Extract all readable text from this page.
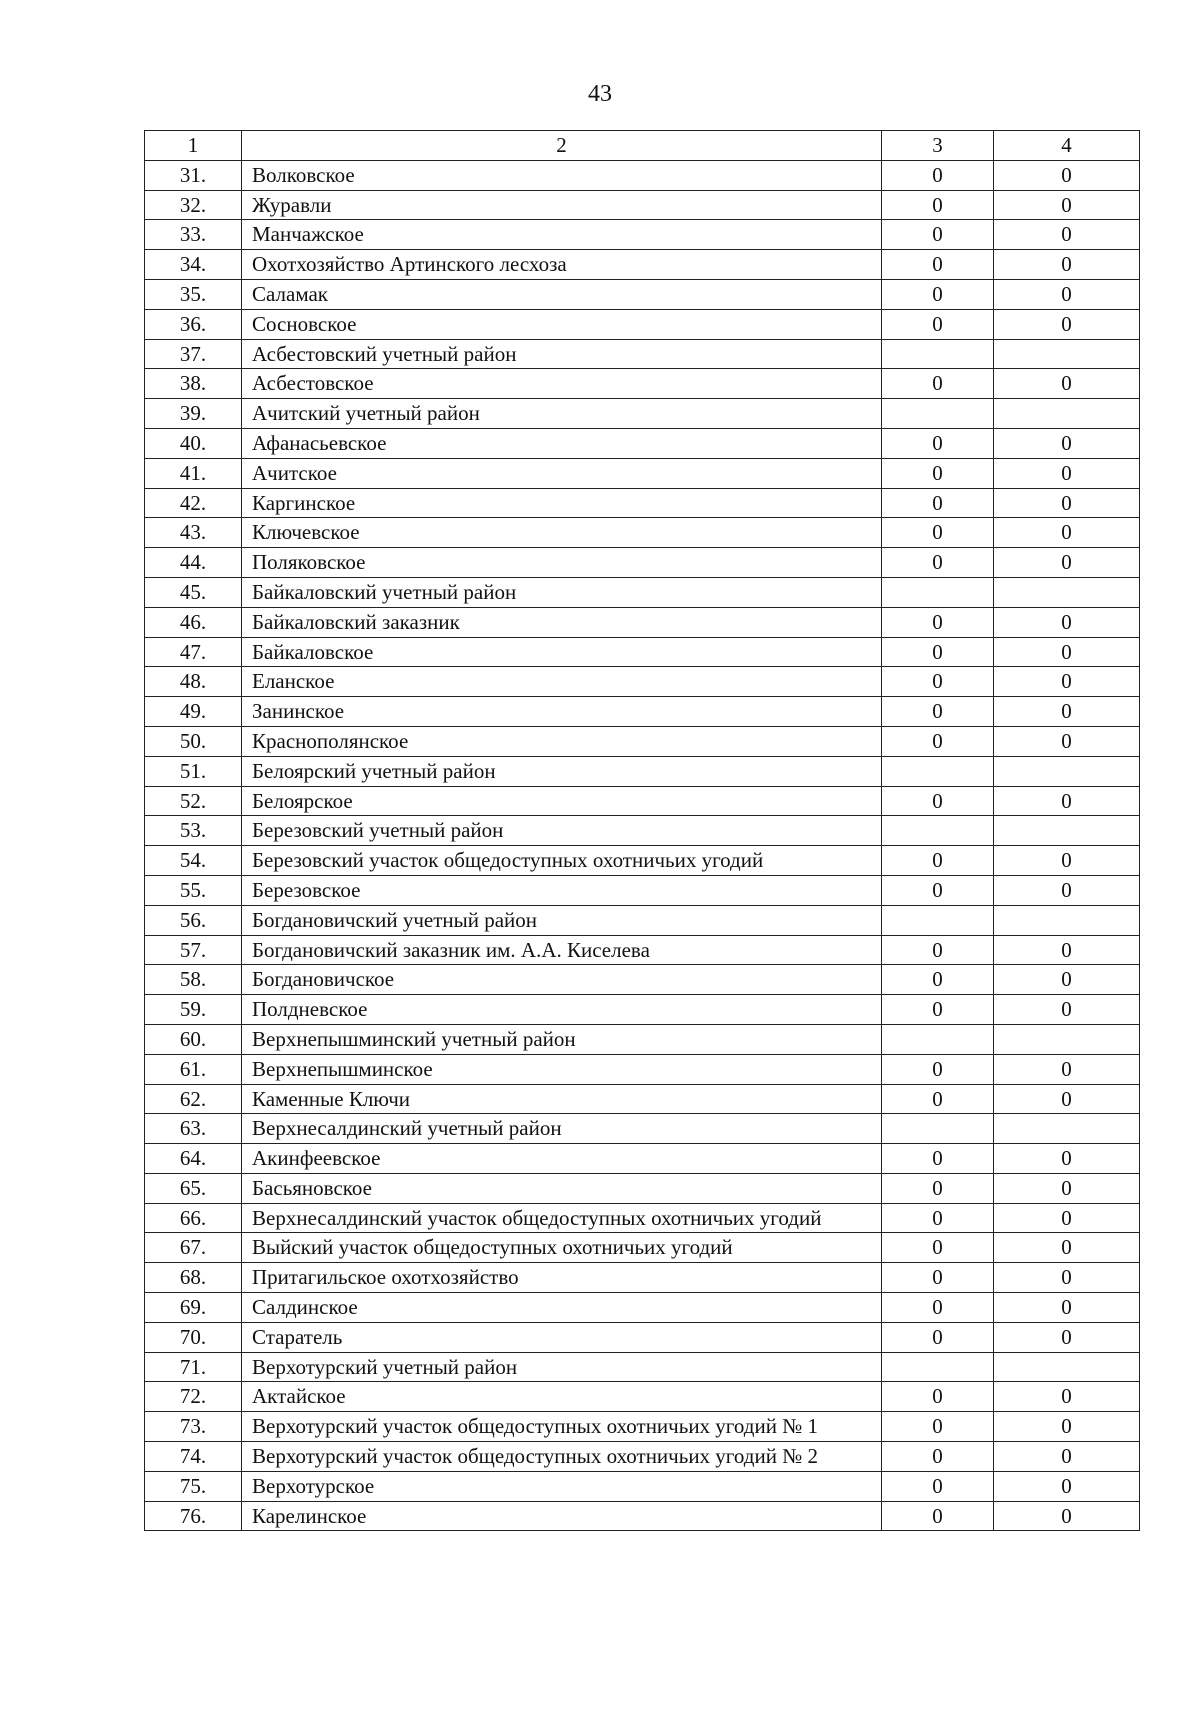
43
1	2	3	4
31.	Волковское	0	0
32.	Журавли	0	0
33.	Манчажское	0	0
34.	Охотхозяйство Артинского лесхоза	0	0
35.	Саламак	0	0
36.	Сосновское	0	0
37.	Асбестовский учетный район		
38.	Асбестовское	0	0
39.	Ачитский учетный район		
40.	Афанасьевское	0	0
41.	Ачитское	0	0
42.	Каргинское	0	0
43.	Ключевское	0	0
44.	Поляковское	0	0
45.	Байкаловский учетный район		
46.	Байкаловский заказник	0	0
47.	Байкаловское	0	0
48.	Еланское	0	0
49.	Занинское	0	0
50.	Краснополянское	0	0
51.	Белоярский учетный район		
52.	Белоярское	0	0
53.	Березовский учетный район		
54.	Березовский участок общедоступных охотничьих угодий	0	0
55.	Березовское	0	0
56.	Богдановичский учетный район		
57.	Богдановичский заказник им. А.А. Киселева	0	0
58.	Богдановичское	0	0
59.	Полдневское	0	0
60.	Верхнепышминский учетный район		
61.	Верхнепышминское	0	0
62.	Каменные Ключи	0	0
63.	Верхнесалдинский учетный район		
64.	Акинфеевское	0	0
65.	Басьяновское	0	0
66.	Верхнесалдинский участок общедоступных охотничьих угодий	0	0
67.	Выйский участок общедоступных охотничьих угодий	0	0
68.	Притагильское охотхозяйство	0	0
69.	Салдинское	0	0
70.	Старатель	0	0
71.	Верхотурский учетный район		
72.	Актайское	0	0
73.	Верхотурский участок общедоступных охотничьих угодий № 1	0	0
74.	Верхотурский участок общедоступных охотничьих угодий № 2	0	0
75.	Верхотурское	0	0
76.	Карелинское	0	0
